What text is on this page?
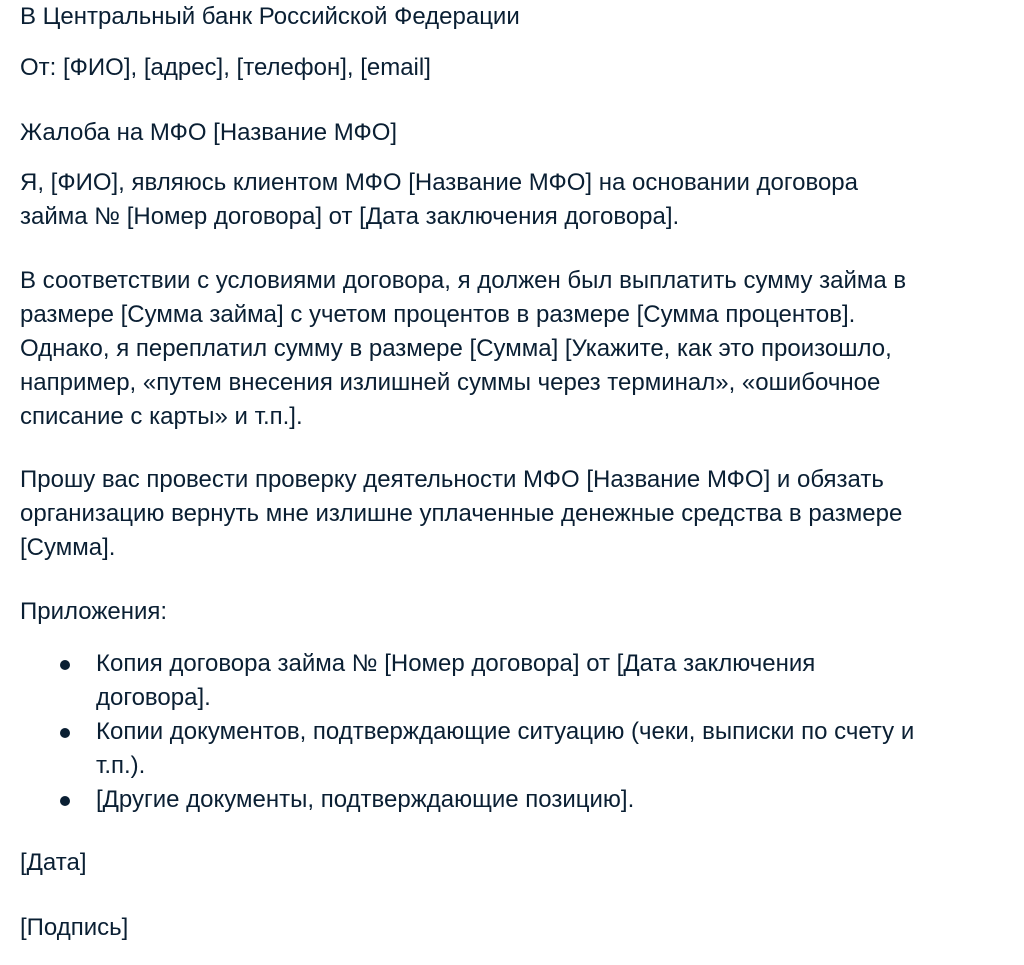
В Центральный банк Российской Федерации
От: [ФИО], [адрес], [телефон], [email]
Жалоба на МФО [Название МФО]
Я, [ФИО], являюсь клиентом МФО [Название МФО] на основании договора
займа № [Номер договора] от [Дата заключения договора].
В соответствии с условиями договора, я должен был выплатить сумму займа в
размере [Сумма займа] с учетом процентов в размере [Сумма процентов].
Однако, я переплатил сумму в размере [Сумма] [Укажите, как это произошло,
например, «путем внесения излишней суммы через терминал», «ошибочное
списание с карты» и т.п.].
Прошу вас провести проверку деятельности МФО [Название МФО] и обязать
организацию вернуть мне излишне уплаченные денежные средства в размере
[Сумма].
Приложения:
Копия договора займа № [Номер договора] от [Дата заключения
договора].
Копии документов, подтверждающие ситуацию (чеки, выписки по счету и
т.п.).
[Другие документы, подтверждающие позицию].
[Дата]
[Подпись]
